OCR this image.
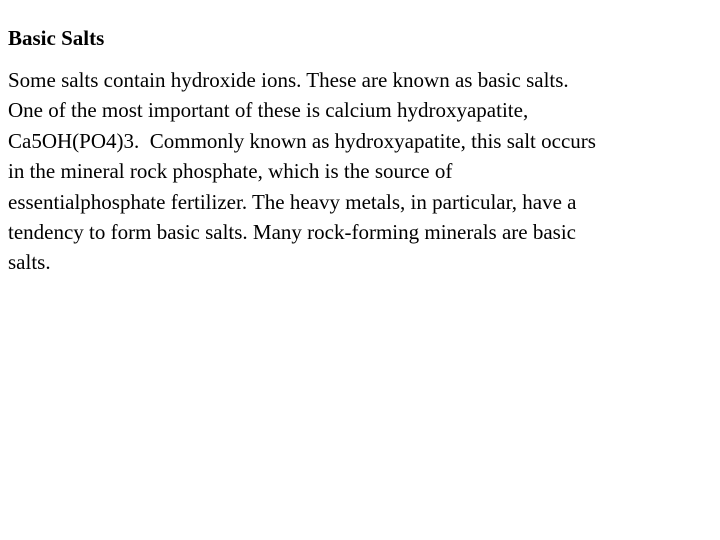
Basic Salts
Some salts contain hydroxide ions. These are known as basic salts.
One of the most important of these is calcium hydroxyapatite,
Ca5OH(PO4)3.  Commonly known as hydroxyapatite, this salt occurs
in the mineral rock phosphate, which is the source of
essentialphosphate fertilizer. The heavy metals, in particular, have a
tendency to form basic salts. Many rock-forming minerals are basic
salts.
